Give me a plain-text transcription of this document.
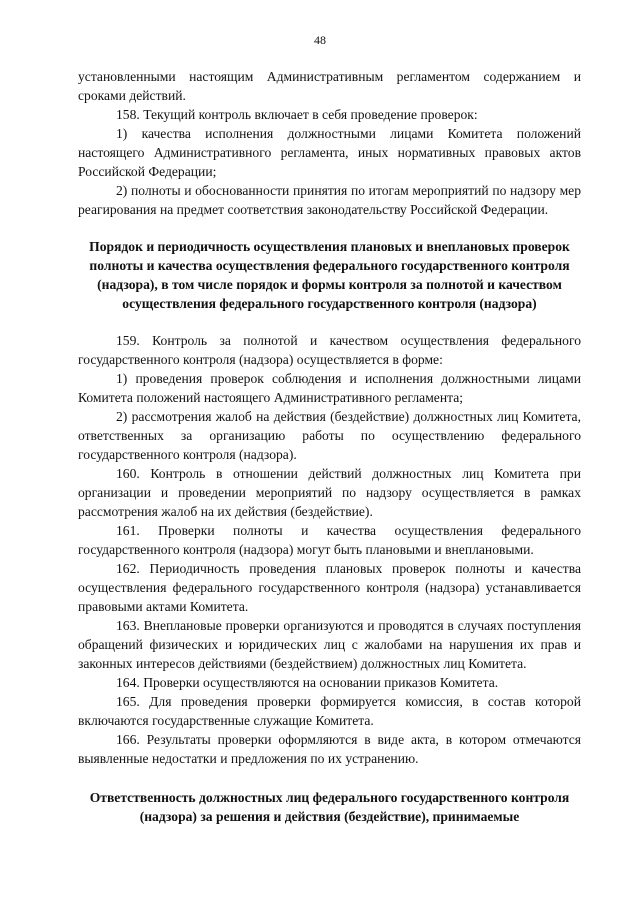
48

установленными настоящим Административным регламентом содержанием и сроками действий.

158. Текущий контроль включает в себя проведение проверок:

1) качества исполнения должностными лицами Комитета положений настоящего Административного регламента, иных нормативных правовых актов Российской Федерации;

2) полноты и обоснованности принятия по итогам мероприятий по надзору мер реагирования на предмет соответствия законодательству Российской Федерации.

Порядок и периодичность осуществления плановых и внеплановых проверок полноты и качества осуществления федерального государственного контроля (надзора), в том числе порядок и формы контроля за полнотой и качеством осуществления федерального государственного контроля (надзора)

159. Контроль за полнотой и качеством осуществления федерального государственного контроля (надзора) осуществляется в форме:

1) проведения проверок соблюдения и исполнения должностными лицами Комитета положений настоящего Административного регламента;

2) рассмотрения жалоб на действия (бездействие) должностных лиц Комитета, ответственных за организацию работы по осуществлению федерального государственного контроля (надзора).

160. Контроль в отношении действий должностных лиц Комитета при организации и проведении мероприятий по надзору осуществляется в рамках рассмотрения жалоб на их действия (бездействие).

161. Проверки полноты и качества осуществления федерального государственного контроля (надзора) могут быть плановыми и внеплановыми.

162. Периодичность проведения плановых проверок полноты и качества осуществления федерального государственного контроля (надзора) устанавливается правовыми актами Комитета.

163. Внеплановые проверки организуются и проводятся в случаях поступления обращений физических и юридических лиц с жалобами на нарушения их прав и законных интересов действиями (бездействием) должностных лиц Комитета.

164. Проверки осуществляются на основании приказов Комитета.

165. Для проведения проверки формируется комиссия, в состав которой включаются государственные служащие Комитета.

166. Результаты проверки оформляются в виде акта, в котором отмечаются выявленные недостатки и предложения по их устранению.

Ответственность должностных лиц федерального государственного контроля (надзора) за решения и действия (бездействие), принимаемые
